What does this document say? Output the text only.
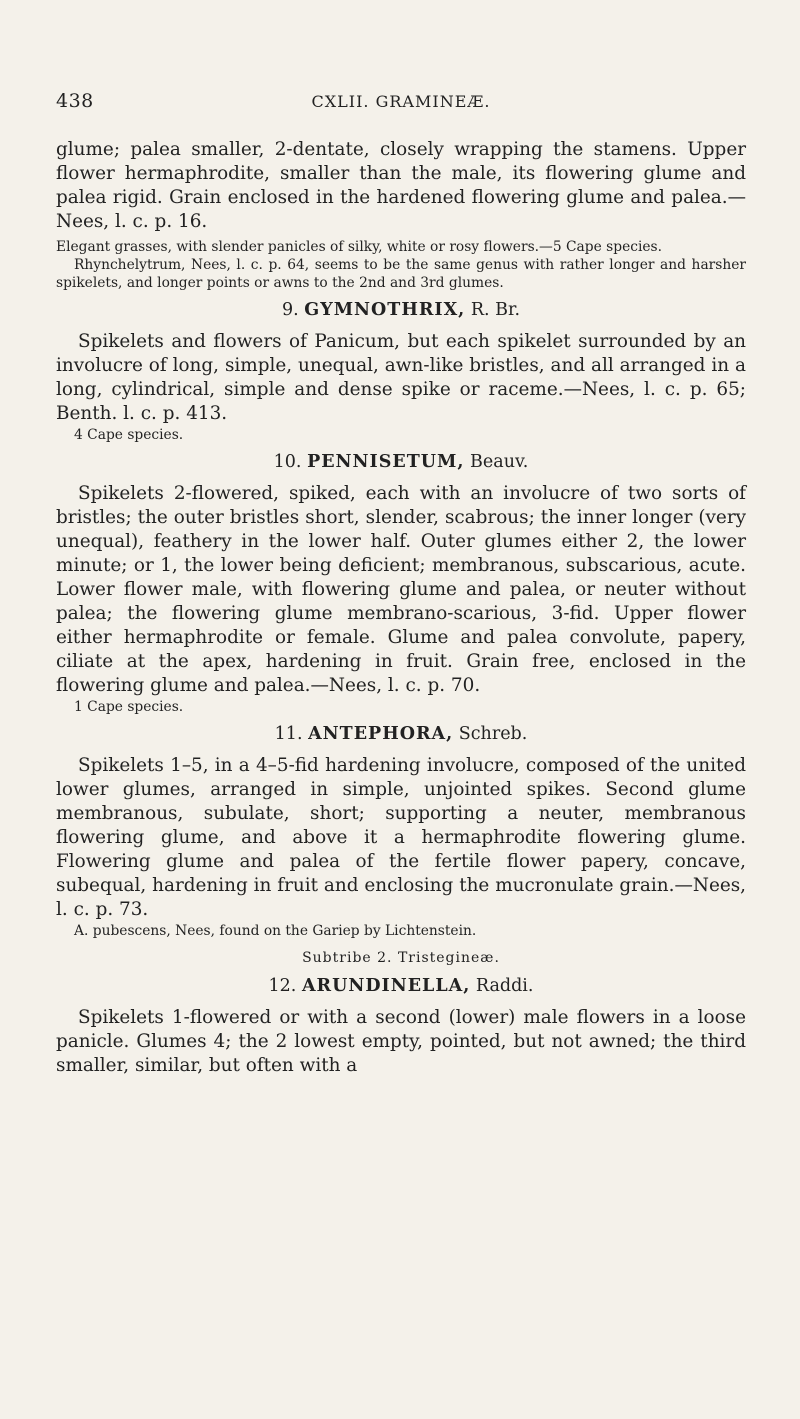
438	CXLII. GRAMINEÆ.

glume; palea smaller, 2-dentate, closely wrapping the stamens. Upper flower hermaphrodite, smaller than the male, its flowering glume and palea rigid. Grain enclosed in the hardened flowering glume and palea.—Nees, l. c. p. 16.

Elegant grasses, with slender panicles of silky, white or rosy flowers.—5 Cape species.

Rhynchelytrum, Nees, l. c. p. 64, seems to be the same genus with rather longer and harsher spikelets, and longer points or awns to the 2nd and 3rd glumes.

9. GYMNOTHRIX, R. Br.

Spikelets and flowers of Panicum, but each spikelet surrounded by an involucre of long, simple, unequal, awn-like bristles, and all arranged in a long, cylindrical, simple and dense spike or raceme.—Nees, l. c. p. 65; Benth. l. c. p. 413.

4 Cape species.

10. PENNISETUM, Beauv.

Spikelets 2-flowered, spiked, each with an involucre of two sorts of bristles; the outer bristles short, slender, scabrous; the inner longer (very unequal), feathery in the lower half. Outer glumes either 2, the lower minute; or 1, the lower being deficient; membranous, subscarious, acute. Lower flower male, with flowering glume and palea, or neuter without palea; the flowering glume membrano-scarious, 3-fid. Upper flower either hermaphrodite or female. Glume and palea convolute, papery, ciliate at the apex, hardening in fruit. Grain free, enclosed in the flowering glume and palea.—Nees, l. c. p. 70.

1 Cape species.

11. ANTEPHORA, Schreb.

Spikelets 1–5, in a 4–5-fid hardening involucre, composed of the united lower glumes, arranged in simple, unjointed spikes. Second glume membranous, subulate, short; supporting a neuter, membranous flowering glume, and above it a hermaphrodite flowering glume. Flowering glume and palea of the fertile flower papery, concave, subequal, hardening in fruit and enclosing the mucronulate grain.—Nees, l. c. p. 73.

A. pubescens, Nees, found on the Gariep by Lichtenstein.

Subtribe 2. Tristegineæ.
12. ARUNDINELLA, Raddi.

Spikelets 1-flowered or with a second (lower) male flowers in a loose panicle. Glumes 4; the 2 lowest empty, pointed, but not awned; the third smaller, similar, but often with a
